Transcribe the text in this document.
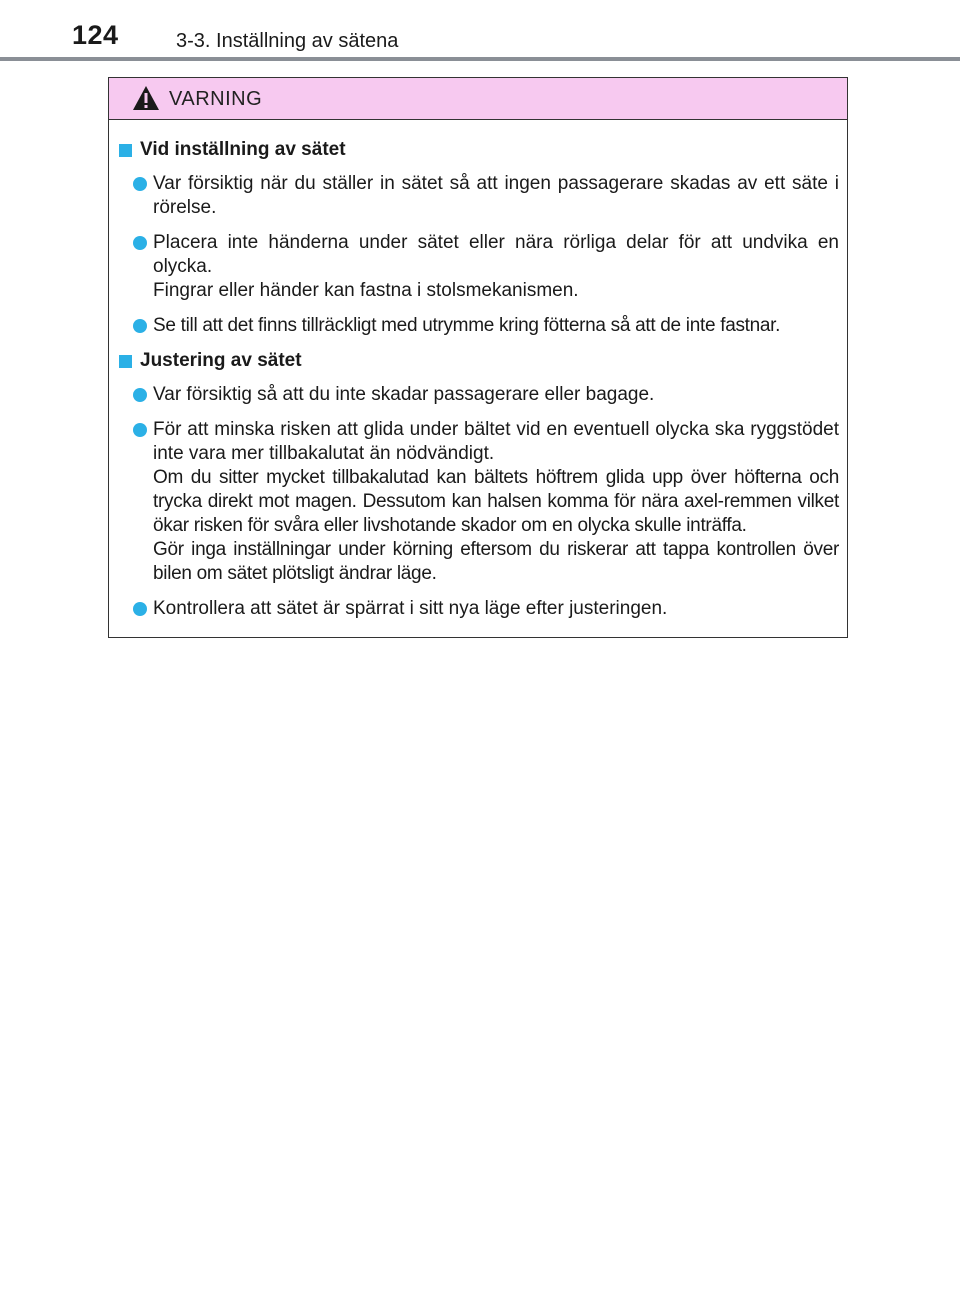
124	3-3. Inställning av sätena
VARNING
Vid inställning av sätet

Var försiktig när du ställer in sätet så att ingen passagerare skadas av ett säte i rörelse.

Placera inte händerna under sätet eller nära rörliga delar för att undvika en olycka.

Fingrar eller händer kan fastna i stolsmekanismen.

Se till att det finns tillräckligt med utrymme kring fötterna så att de inte fastnar.

Justering av sätet

Var försiktig så att du inte skadar passagerare eller bagage.

För att minska risken att glida under bältet vid en eventuell olycka ska ryggstödet inte vara mer tillbakalutat än nödvändigt.

Om du sitter mycket tillbakalutad kan bältets höftrem glida upp över höfterna och trycka direkt mot magen. Dessutom kan halsen komma för nära axel-remmen vilket ökar risken för svåra eller livshotande skador om en olycka skulle inträffa.

Gör inga inställningar under körning eftersom du riskerar att tappa kontrollen över bilen om sätet plötsligt ändrar läge.

Kontrollera att sätet är spärrat i sitt nya läge efter justeringen.
